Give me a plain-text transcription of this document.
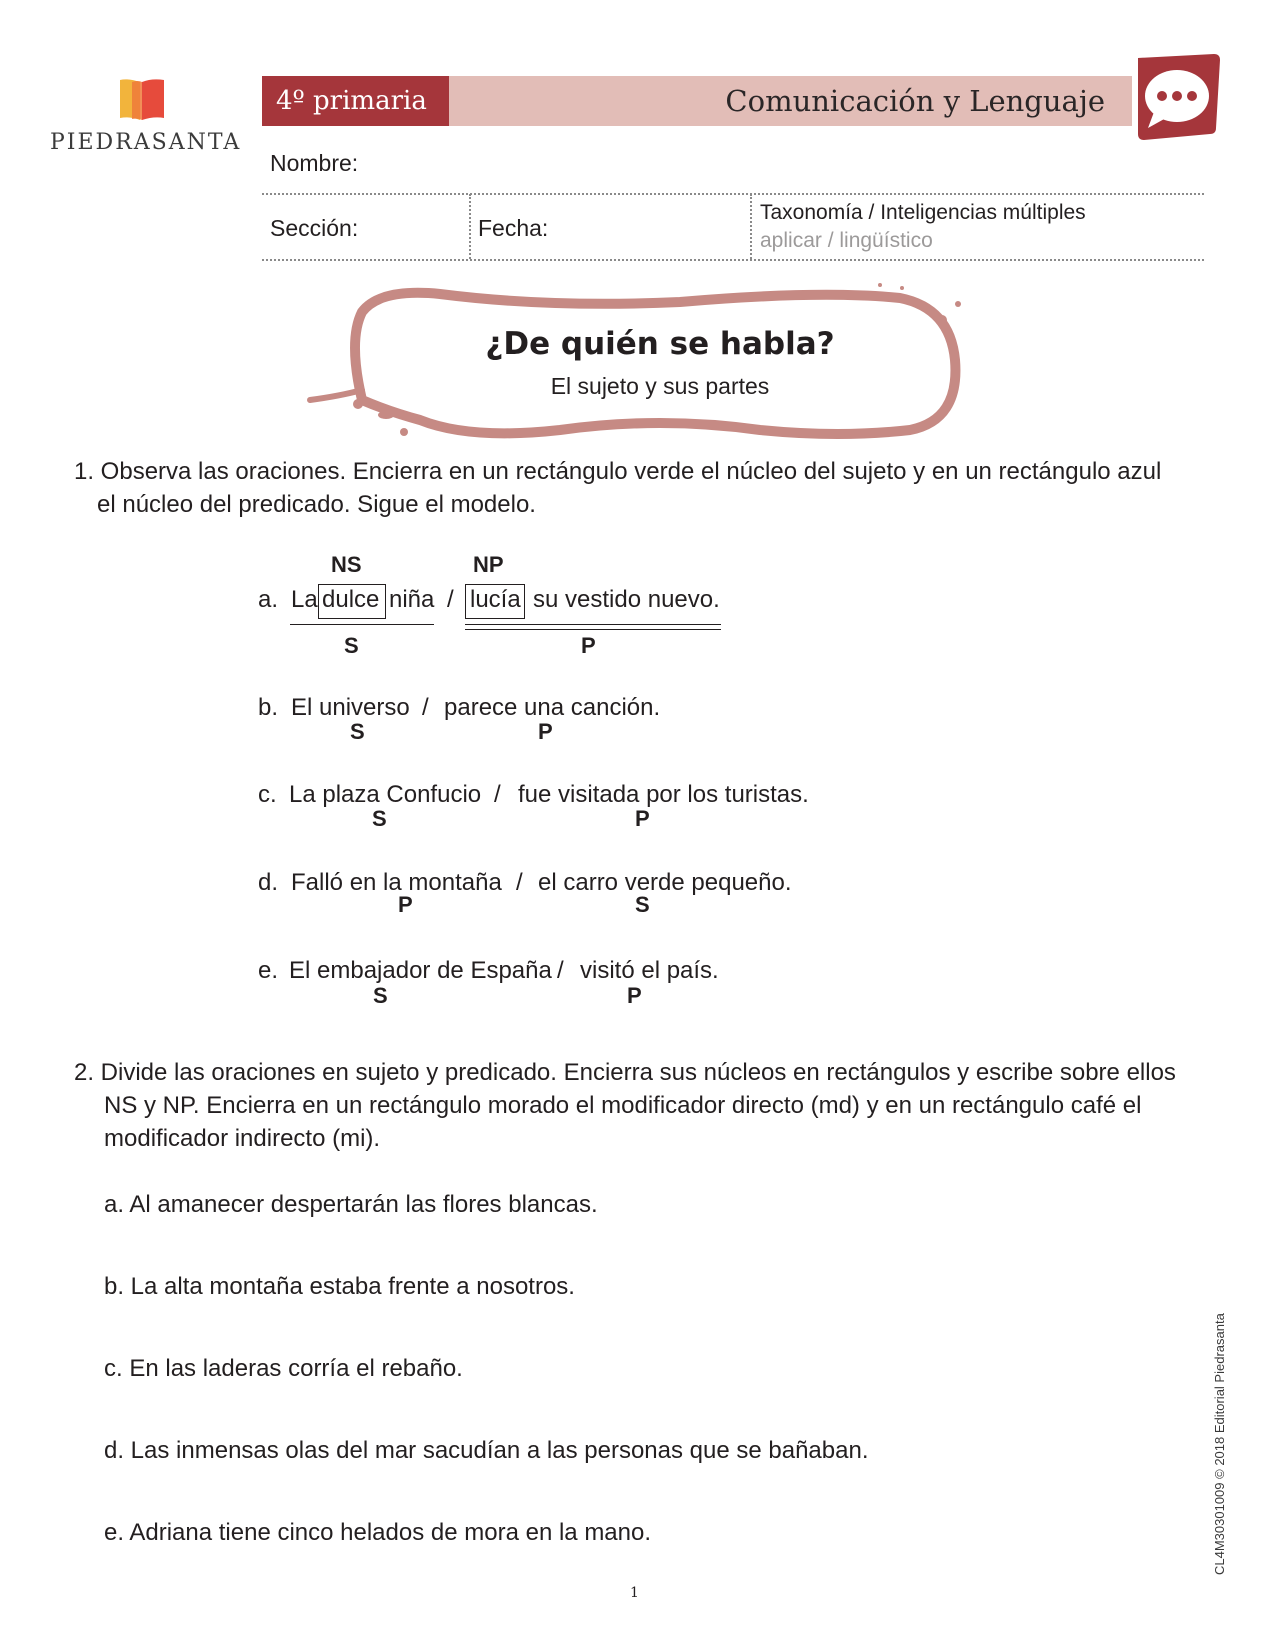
PIEDRASANTA
4º primaria	Comunicación y Lenguaje
Nombre:
Sección:	Fecha:
Taxonomía / Inteligencias múltiples
aplicar / lingüístico
¿De quién se habla?
El sujeto y sus partes
1. Observa las oraciones. Encierra en un rectángulo verde el núcleo del sujeto y en un rectángulo azul
el núcleo del predicado. Sigue el modelo.
NS	NP
a. La dulce niña / lucía su vestido nuevo.
S	P
b. El universo / parece una canción.
S	P
c. La plaza Confucio / fue visitada por los turistas.
S	P
d. Falló en la montaña / el carro verde pequeño.
P	S
e. El embajador de España / visitó el país.
S	P
2. Divide las oraciones en sujeto y predicado. Encierra sus núcleos en rectángulos y escribe sobre ellos
NS y NP. Encierra en un rectángulo morado el modificador directo (md) y en un rectángulo café el
modificador indirecto (mi).
a. Al amanecer despertarán las flores blancas.
b. La alta montaña estaba frente a nosotros.
c. En las laderas corría el rebaño.
d. Las inmensas olas del mar sacudían a las personas que se bañaban.
e. Adriana tiene cinco helados de mora en la mano.	CL4M30301009 © 2018 Editorial Piedrasanta
1
